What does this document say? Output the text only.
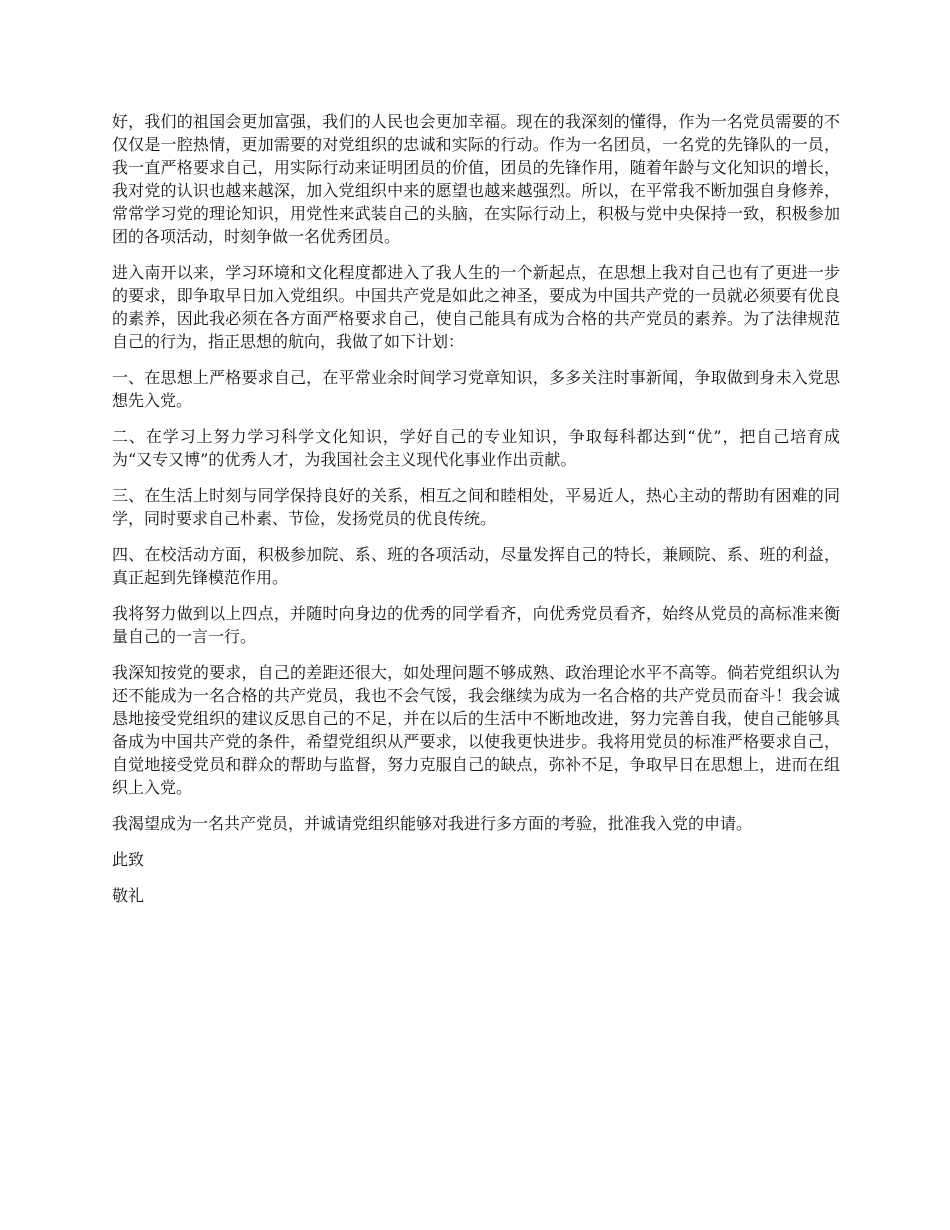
好，我们的祖国会更加富强，我们的人民也会更加幸福。现在的我深刻的懂得，作为一名党员需要的不仅仅是一腔热情，更加需要的对党组织的忠诚和实际的行动。作为一名团员，一名党的先锋队的一员，我一直严格要求自己，用实际行动来证明团员的价值，团员的先锋作用，随着年龄与文化知识的增长，我对党的认识也越来越深，加入党组织中来的愿望也越来越强烈。所以，在平常我不断加强自身修养，常常学习党的理论知识，用党性来武装自己的头脑，在实际行动上，积极与党中央保持一致，积极参加团的各项活动，时刻争做一名优秀团员。

进入南开以来，学习环境和文化程度都进入了我人生的一个新起点，在思想上我对自己也有了更进一步的要求，即争取早日加入党组织。中国共产党是如此之神圣，要成为中国共产党的一员就必须要有优良的素养，因此我必须在各方面严格要求自己，使自己能具有成为合格的共产党员的素养。为了法律规范自己的行为，指正思想的航向，我做了如下计划：

一、在思想上严格要求自己，在平常业余时间学习党章知识，多多关注时事新闻，争取做到身未入党思想先入党。

二、在学习上努力学习科学文化知识，学好自己的专业知识，争取每科都达到“优”，把自己培育成为“又专又博”的优秀人才，为我国社会主义现代化事业作出贡献。

三、在生活上时刻与同学保持良好的关系，相互之间和睦相处，平易近人，热心主动的帮助有困难的同学，同时要求自己朴素、节俭，发扬党员的优良传统。

四、在校活动方面，积极参加院、系、班的各项活动，尽量发挥自己的特长，兼顾院、系、班的利益，真正起到先锋模范作用。

我将努力做到以上四点，并随时向身边的优秀的同学看齐，向优秀党员看齐，始终从党员的高标准来衡量自己的一言一行。

我深知按党的要求，自己的差距还很大，如处理问题不够成熟、政治理论水平不高等。倘若党组织认为还不能成为一名合格的共产党员，我也不会气馁，我会继续为成为一名合格的共产党员而奋斗！我会诚恳地接受党组织的建议反思自己的不足，并在以后的生活中不断地改进，努力完善自我，使自己能够具备成为中国共产党的条件，希望党组织从严要求，以使我更快进步。我将用党员的标准严格要求自己，自觉地接受党员和群众的帮助与监督，努力克服自己的缺点，弥补不足，争取早日在思想上，进而在组织上入党。

我渴望成为一名共产党员，并诚请党组织能够对我进行多方面的考验，批准我入党的申请。

此致

敬礼
